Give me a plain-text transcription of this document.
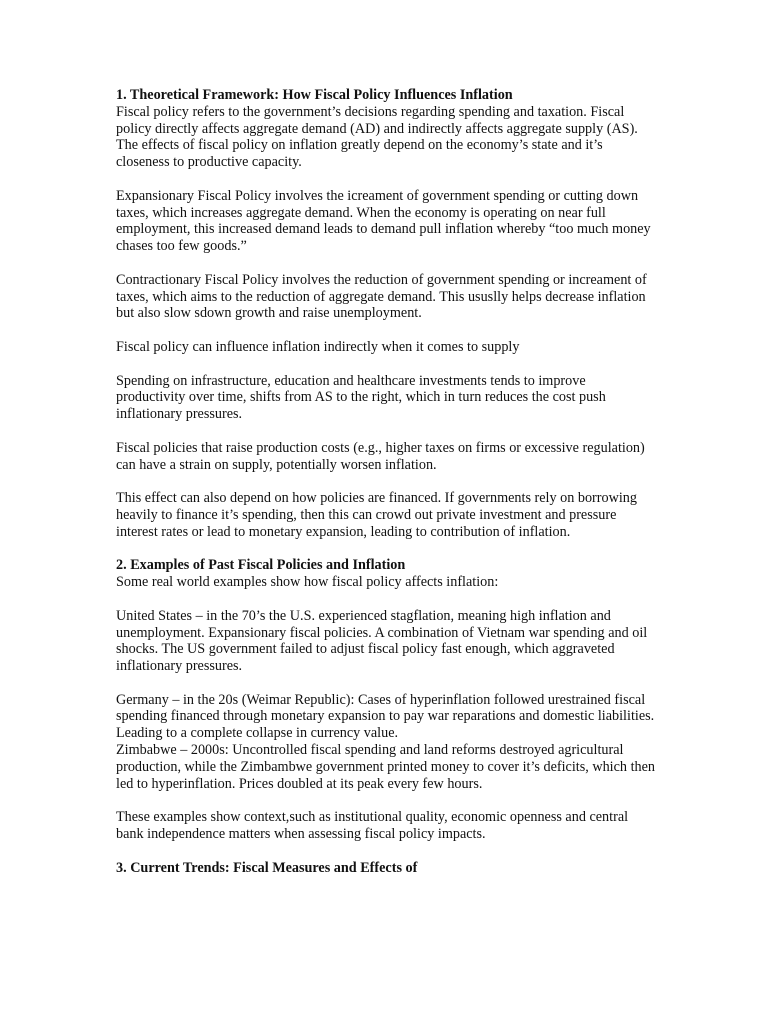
1. Theoretical Framework: How Fiscal Policy Influences Inflation

Fiscal policy refers to the government’s decisions regarding spending and taxation. Fiscal policy directly affects aggregate demand (AD) and indirectly affects aggregate supply (AS). The effects of fiscal policy on inflation greatly depend on the economy’s state and it’s closeness to productive capacity.

Expansionary Fiscal Policy involves the icreament of government spending or cutting down taxes, which increases aggregate demand. When the economy is operating on near full employment, this increased demand leads to demand pull inflation whereby “too much money chases too few goods.”

Contractionary Fiscal Policy involves the reduction of government spending or increament of taxes, which aims to the reduction of aggregate demand. This ususlly helps decrease inflation but also slow sdown growth and raise unemployment.

Fiscal policy can influence inflation indirectly when it comes to supply

Spending on infrastructure, education and healthcare investments tends to improve productivity over time, shifts from AS to the right, which in turn reduces the cost push inflationary pressures.

Fiscal policies that raise production costs (e.g., higher taxes on firms or excessive regulation) can have a strain on supply, potentially worsen inflation.

This effect can also depend on how policies are financed. If governments rely on borrowing heavily to finance it’s spending, then this can crowd out private investment and pressure interest rates or lead to monetary expansion, leading to contribution of inflation.

2. Examples of Past Fiscal Policies and Inflation

Some real world examples show how fiscal policy affects inflation:

United States – in the 70’s the U.S. experienced stagflation, meaning high inflation and unemployment. Expansionary fiscal policies. A combination of Vietnam war spending and oil shocks. The US government failed to adjust fiscal policy fast enough, which aggraveted inflationary pressures.

Germany – in the 20s (Weimar Republic): Cases of hyperinflation followed urestrained fiscal spending financed through monetary expansion to pay war reparations and domestic liabilities. Leading to a complete collapse in currency value.

Zimbabwe – 2000s: Uncontrolled fiscal spending and land reforms destroyed agricultural production, while the Zimbambwe government printed money to cover it’s deficits, which then led to hyperinflation. Prices doubled at its peak every few hours.

These examples show context,such as institutional quality, economic openness and central bank independence matters when assessing fiscal policy impacts.

3. Current Trends: Fiscal Measures and Effects of
